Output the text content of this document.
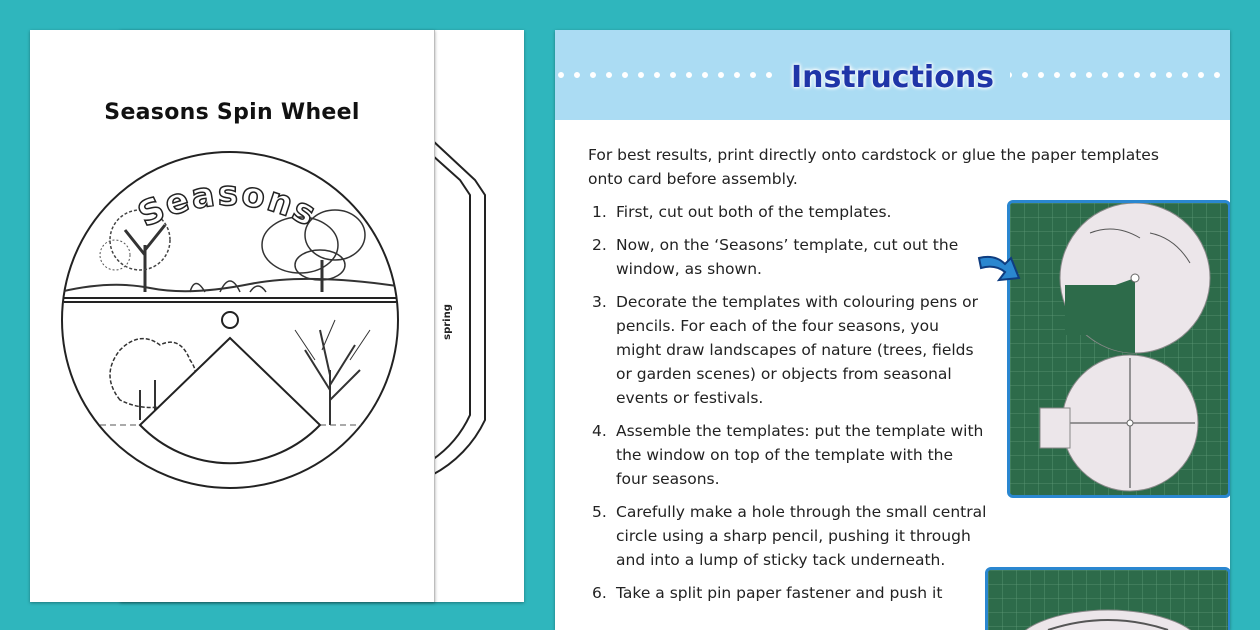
spring
Seasons Spin Wheel
Seasons
Instructions
For best results, print directly onto cardstock or glue the paper templates onto card before assembly.
1. First, cut out both of the templates.
2. Now, on the ‘Seasons’ template, cut out the window, as shown.
3. Decorate the templates with colouring pens or pencils. For each of the four seasons, you might draw landscapes of nature (trees, fields or garden scenes) or objects from seasonal events or festivals.
4. Assemble the templates: put the template with the window on top of the template with the four seasons.
5. Carefully make a hole through the small central circle using a sharp pencil, pushing it through and into a lump of sticky tack underneath.
6. Take a split pin paper fastener and push it
